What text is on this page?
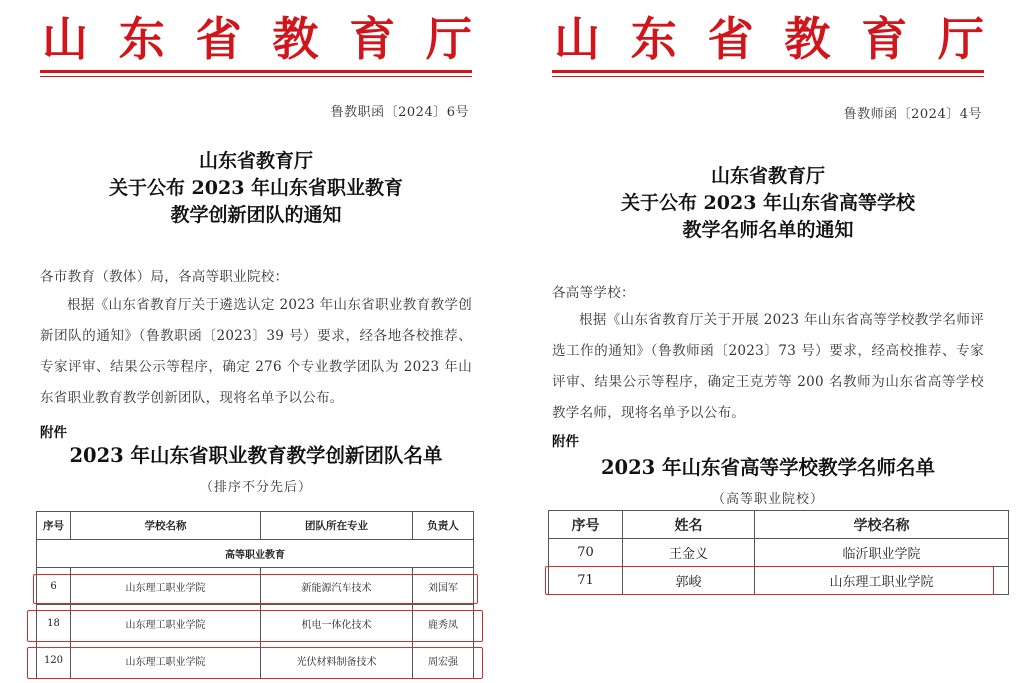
山 东 省 教 育 厅
鲁教职函〔2024〕6号
山东省教育厅
关于公布 2023 年山东省职业教育
教学创新团队的通知
各市教育（教体）局，各高等职业院校：
根据《山东省教育厅关于遴选认定 2023 年山东省职业教育教学创新团队的通知》（鲁教职函〔2023〕39 号）要求，经各地各校推荐、专家评审、结果公示等程序，确定 276 个专业教学团队为 2023 年山东省职业教育教学创新团队，现将名单予以公布。
附件
2023 年山东省职业教育教学创新团队名单
（排序不分先后）
序号	学校名称	团队所在专业	负责人
高等职业教育			
6	山东理工职业学院	新能源汽车技术	刘国军
18	山东理工职业学院	机电一体化技术	鹿秀凤
120	山东理工职业学院	光伏材料制备技术	周宏强
山 东 省 教 育 厅
鲁教师函〔2024〕4号
山东省教育厅
关于公布 2023 年山东省高等学校
教学名师名单的通知
各高等学校：
根据《山东省教育厅关于开展 2023 年山东省高等学校教学名师评选工作的通知》（鲁教师函〔2023〕73 号）要求，经高校推荐、专家评审、结果公示等程序，确定王克芳等 200 名教师为山东省高等学校教学名师，现将名单予以公布。
附件
2023 年山东省高等学校教学名师名单
（高等职业院校）
序号	姓名	学校名称
70	王金义	临沂职业学院
71	郭峻	山东理工职业学院
